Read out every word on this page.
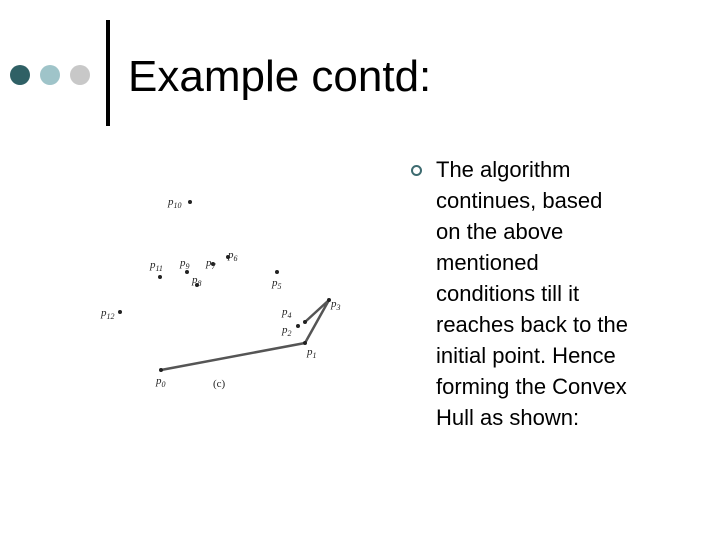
Example contd:
$p_0$
$p_1$
$p_2$
$p_3$
$p_4$
$p_5$
$p_6$
$p_7$
$p_8$
$p_9$
$p_{10}$
$p_{11}$
$p_{12}$
(c)
The algorithm
continues, based
on the above
mentioned
conditions till it
reaches back to the
initial point. Hence
forming the Convex
Hull as shown:
